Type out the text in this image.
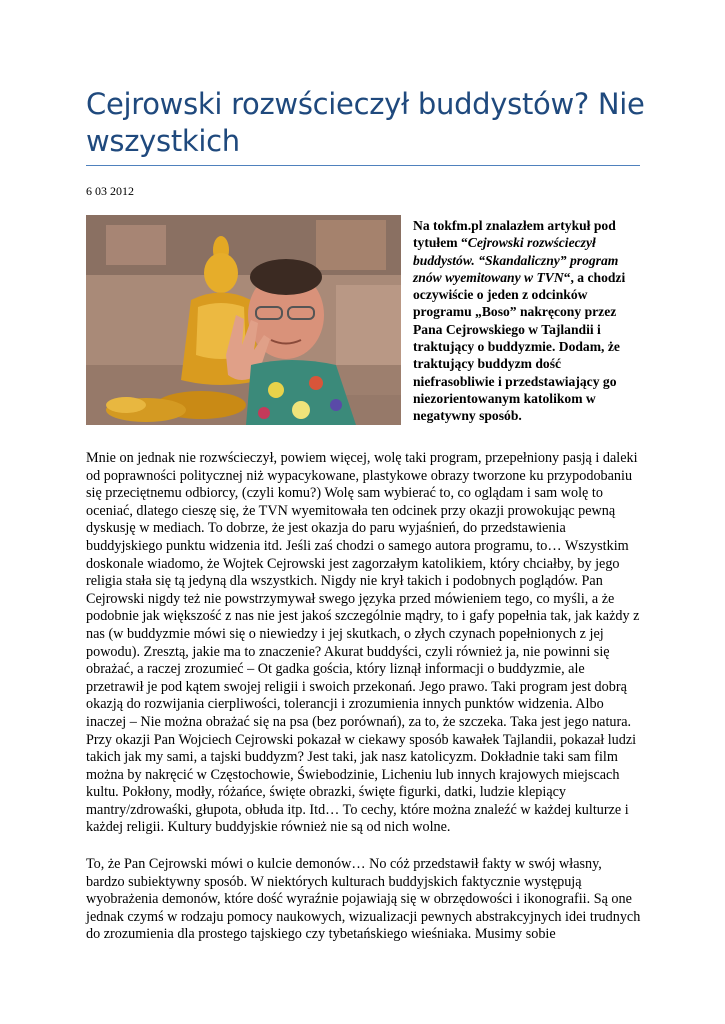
Cejrowski rozwścieczył buddystów? Nie wszystkich
6 03 2012
Na tokfm.pl znalazłem artykuł pod tytułem “Cejrowski rozwścieczył buddystów. “Skandaliczny” program znów wyemitowany w TVN“, a chodzi oczywiście o jeden z odcinków programu „Boso” nakręcony przez Pana Cejrowskiego w Tajlandii i traktujący o buddyzmie. Dodam, że traktujący buddyzm dość niefrasobliwie i przedstawiający go niezorientowanym katolikom w negatywny sposób.

Mnie on jednak nie rozwścieczył, powiem więcej, wolę taki program, przepełniony pasją i daleki od poprawności politycznej niż wypacykowane, plastykowe obrazy tworzone ku przypodobaniu się przeciętnemu odbiorcy, (czyli komu?) Wolę sam wybierać to, co oglądam i sam wolę to oceniać, dlatego cieszę się, że TVN wyemitowała ten odcinek przy okazji prowokując pewną dyskusję w mediach. To dobrze, że jest okazja do paru wyjaśnień, do przedstawienia buddyjskiego punktu widzenia itd. Jeśli zaś chodzi o samego autora programu, to… Wszystkim doskonale wiadomo, że Wojtek Cejrowski jest zagorzałym katolikiem, który chciałby, by jego religia stała się tą jedyną dla wszystkich. Nigdy nie krył takich i podobnych poglądów. Pan Cejrowski nigdy też nie powstrzymywał swego języka przed mówieniem tego, co myśli, a że podobnie jak większość z nas nie jest jakoś szczególnie mądry, to i gafy popełnia tak, jak każdy z nas (w buddyzmie mówi się o niewiedzy i jej skutkach, o złych czynach popełnionych z jej powodu). Zresztą, jakie ma to znaczenie? Akurat buddyści, czyli również ja, nie powinni się obrażać, a raczej zrozumieć – Ot gadka gościa, który liznął informacji o buddyzmie, ale przetrawił je pod kątem swojej religii i swoich przekonań. Jego prawo. Taki program jest dobrą okazją do rozwijania cierpliwości, tolerancji i zrozumienia innych punktów widzenia. Albo inaczej – Nie można obrażać się na psa (bez porównań), za to, że szczeka. Taka jest jego natura. Przy okazji Pan Wojciech Cejrowski pokazał w ciekawy sposób kawałek Tajlandii, pokazał ludzi takich jak my sami, a tajski buddyzm? Jest taki, jak nasz katolicyzm. Dokładnie taki sam film można by nakręcić w Częstochowie, Świebodzinie, Licheniu lub innych krajowych miejscach kultu. Pokłony, modły, różańce, święte obrazki, święte figurki, datki, ludzie klepiący mantry/zdrowaśki, głupota, obłuda itp. Itd… To cechy, które można znaleźć w każdej kulturze i każdej religii. Kultury buddyjskie również nie są od nich wolne.

To, że Pan Cejrowski mówi o kulcie demonów… No cóż przedstawił fakty w swój własny, bardzo subiektywny sposób. W niektórych kulturach buddyjskich faktycznie występują wyobrażenia demonów, które dość wyraźnie pojawiają się w obrzędowości i ikonografii. Są one jednak czymś w rodzaju pomocy naukowych, wizualizacji pewnych abstrakcyjnych idei trudnych do zrozumienia dla prostego tajskiego czy tybetańskiego wieśniaka. Musimy sobie
